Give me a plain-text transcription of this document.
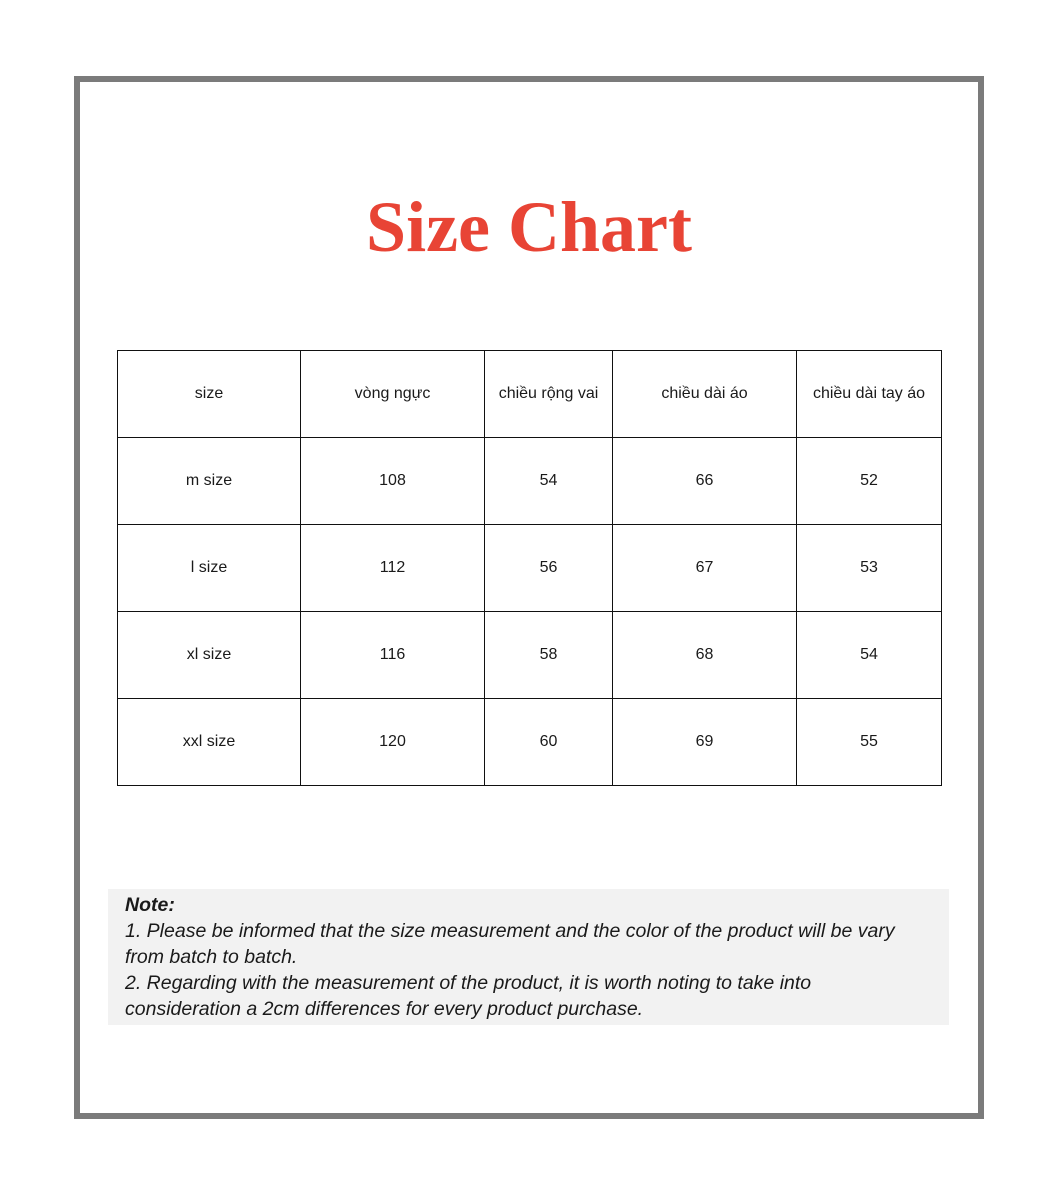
Size Chart
size	vòng ngực	chiều rộng vai	chiều dài áo	chiều dài tay áo
m size	108	54	66	52
l size	112	56	67	53
xl size	116	58	68	54
xxl size	120	60	69	55
Note:
1. Please be informed that the size measurement and the color of the product will be vary from batch to batch.
2. Regarding with the measurement of the product, it is worth noting to take into consideration a 2cm differences for every product purchase.
